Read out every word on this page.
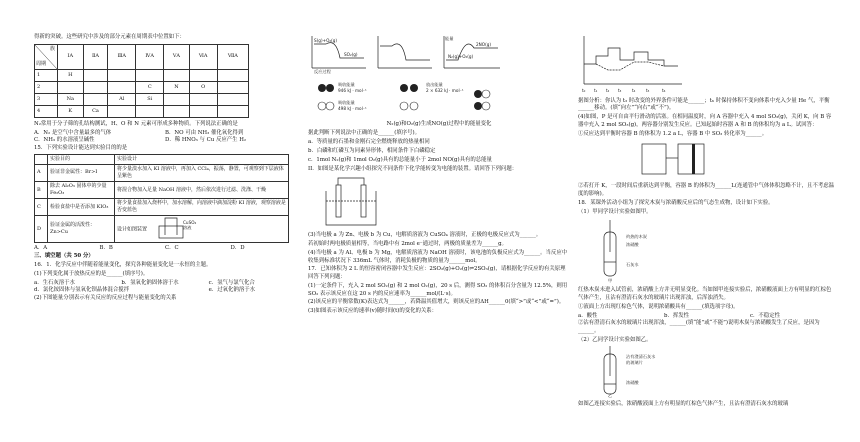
得新的突破。这些研究中涉及的部分元素在周期表中位置如下：

族
周期	ⅠA	ⅡA	ⅢA	ⅣA	ⅤA	ⅥA	ⅦA
1	H						
2				C	N	O	
3	Na		Al	Si			
4	K	Ca					

N₂常用于分子筛的孔结构测试，H、O 和 N 元素可形成多种物质。下列说法正确的是

A．N₂ 是空气中含量最多的气体	B．NO 可由 NH₃ 催化氧化得到
C．NH₃ 的水溶液呈碱性	D．稀 HNO₃ 与 Cu 反应产生 H₂

15．下列实验设计能达到实验目的的是

	实验目的	实验设计
A	验证非金属性：Br>I	将少量溴水加入 KI 溶液中，再加入 CCl₄，振荡，静置，可观察到下层液体呈紫色
B	除去 Al₂O₃ 固体中的少量 Fe₂O₃	将混合物加入足量 NaOH 溶液中，然后依次进行过滤、洗涤、干燥
C	检验食盐中是否添加 KIO₃	将少量食盐加入烧杯中，加水溶解，向溶液中滴加淀粉 KI 溶液，观察溶液是否变蓝色
D	验证金属的活泼性：Zn>Cu	设计如图装置
CuSO₄
溶液
A．A	B．B	C．C	D．D

三、填空题（共 50 分）

16．1．化学反应中伴随着能量变化，探究各种能量变化是一永恒的主题。

(1)下列变化属于放热反应的是______(填序号)。

a．生石灰溶于水	b．氢氧化钠固体溶于水	c．氢气与氯气化合
d．氯化铵固体与氢氧化钡晶体混合搅拌	e．过氧化钠溶于水

(2)下图能量分别表示有关反应的反应过程与能量变化的关系

S(g)+O₂(g)
SO₂(g)
反应过程
N₂(g)+O₂(g)
2NO(g)
能量

吸收能量
946 kJ · mol⁻¹
吸收能量
498 kJ · mol⁻¹
放出能量
2 × 632 kJ · mol⁻¹

N₂(g)和O₂(g)生成NO(g)过程中的能量变化

据此判断下列说法中正确的是______(填序号)。

a．等质量的石墨和金刚石完全燃烧释放的热量相同

b．白磷和红磷互为同素异形体，相同条件下白磷稳定

c．1mol N₂(g)和 1mol O₂(g)具有的总能量小于 2mol NO(g)具有的总能量

II．如图是某化学兴趣小组探究不同条件下化学能转变为电能的装置。请回答下列问题：

(3)当电极 a 为 Zn、电极 b 为 Cu，电解质溶液为 CuSO₄ 溶液时，正极的电极反应式为______。

若初始时两电极质量相等，当电路中有 2mol e⁻通过时，两极的质量差为______g。

(4)当电极 a 为 Al、电极 b 为 Mg，电解质溶液为 NaOH 溶液时，该电池的负极反应式为______。当反应中收集到标准状况下 336mL 气体时，消耗负极的物质的量为______mol。

17．已知体积为 2 L 的恒容密闭容器中发生反应：2SO₂(g)+O₂(g)⇌2SO₃(g)，请根据化学反应的有关原理回答下列问题：

(1)一定条件下，充入 2 mol SO₂(g) 和 2 mol O₂(g)，20 s 后，测得 SO₂ 的体积百分含量为 12.5%，则用 SO₂ 表示该反应在这 20 s 内的反应速率为______mol/(L·s)。

(2)该反应的平衡常数(K)表达式为______，若降温其值增大，则该反应的ΔH______0(填“>”或“<”或“=”)。

(3)如图表示该反应的速率(v)随时间(t)的变化的关系：

t₀ t₁ t₂ t₃	t₄	t₅	t₆

据图分析：你认为 t₃ 时改变的外界条件可能是______；t₆ 时保持体积不变向体系中充入少量 He 气，平衡______移动。(填“向左”“向右”或“不”)。

(4)如图，P 是可自由平行滑动的活塞。在相同温度时，向 A 容器中充入 4 mol SO₃(g)，关闭 K，向 B 容器中充入 2 mol SO₃(g)，两容器分别发生反应。已知起始时容器 A 和 B 的体积均为 a L。试回答：

①反应达到平衡时容器 B 的体积为 1.2 a L，容器 B 中 SO₃ 转化率为______。

②若打开 K，一段时间后重新达到平衡，容器 B 的体积为______L(连通管中气体体积忽略不计，且不考虑温度的影响)。

18．某课外活动小组为了探究木炭与浓硝酸反应后的气态生成物，设计如下实验。

（1）甲同学设计实验如图甲。

灼热的木炭
浓硝酸
石灰水
甲

红热木炭未进入试管前，浓硝酸上方并无明显变化。当如图甲连接实验后，浓硝酸液面上方有明显的红棕色气体产生，且沾有澄清石灰水的玻璃片出现浑浊，后浑浊消失。

①液面上方出现红棕色气体，说明浓硝酸具有______(填选项字母)。

a．酸性	b．挥发性	c．不稳定性

②沾有澄清石灰水的玻璃片出现浑浊，______(填“能”或“不能”)说明木炭与浓硝酸发生了反应，是因为______。

（2）乙同学设计实验如图乙。

沾有澄清石灰水
的玻璃片
浓硝酸
乙

如图乙连接实验后，浓硝酸液面上方有明显的红棕色气体产生，且沾有澄清石灰水的玻璃
